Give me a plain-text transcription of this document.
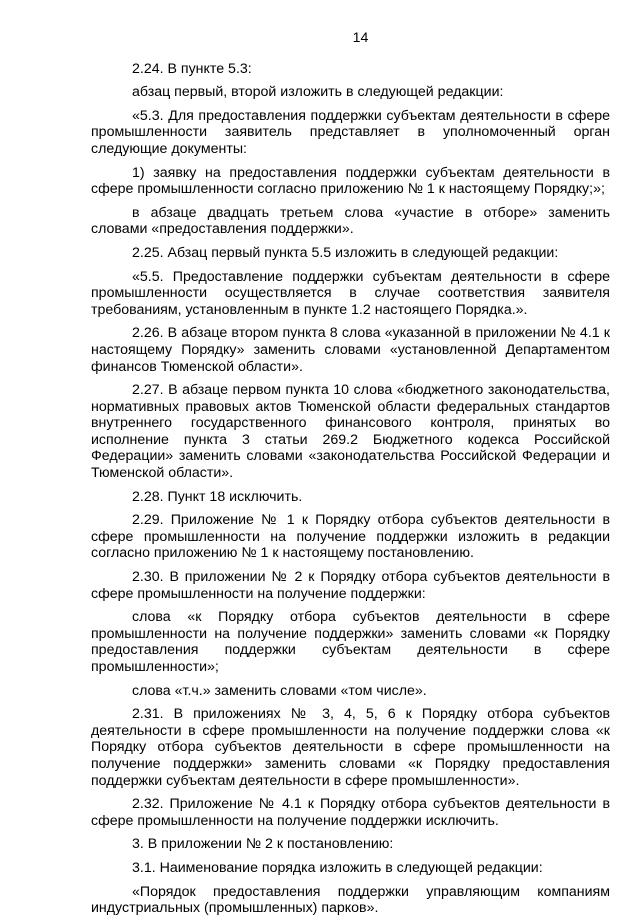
14

2.24. В пункте 5.3:

абзац первый, второй изложить в следующей редакции:

«5.3. Для предоставления поддержки субъектам деятельности в сфере промышленности заявитель представляет в уполномоченный орган следующие документы:

1) заявку на предоставления поддержки субъектам деятельности в сфере промышленности согласно приложению № 1 к настоящему Порядку;»;

в абзаце двадцать третьем слова «участие в отборе» заменить словами «предоставления поддержки».

2.25. Абзац первый пункта 5.5 изложить в следующей редакции:

«5.5. Предоставление поддержки субъектам деятельности в сфере промышленности осуществляется в случае соответствия заявителя требованиям, установленным в пункте 1.2 настоящего Порядка.».

2.26. В абзаце втором пункта 8 слова «указанной в приложении № 4.1 к настоящему Порядку» заменить словами «установленной Департаментом финансов Тюменской области».

2.27. В абзаце первом пункта 10 слова «бюджетного законодательства, нормативных правовых актов Тюменской области федеральных стандартов внутреннего государственного финансового контроля, принятых во исполнение пункта 3 статьи 269.2 Бюджетного кодекса Российской Федерации» заменить словами «законодательства Российской Федерации и Тюменской области».

2.28. Пункт 18 исключить.

2.29. Приложение № 1 к Порядку отбора субъектов деятельности в сфере промышленности на получение поддержки изложить в редакции согласно приложению № 1 к настоящему постановлению.

2.30. В приложении № 2 к Порядку отбора субъектов деятельности в сфере промышленности на получение поддержки:

слова «к Порядку отбора субъектов деятельности в сфере промышленности на получение поддержки» заменить словами «к Порядку предоставления поддержки субъектам деятельности в сфере промышленности»;

слова «т.ч.» заменить словами «том числе».

2.31. В приложениях № 3, 4, 5, 6 к Порядку отбора субъектов деятельности в сфере промышленности на получение поддержки слова «к Порядку отбора субъектов деятельности в сфере промышленности на получение поддержки» заменить словами «к Порядку предоставления поддержки субъектам деятельности в сфере промышленности».

2.32. Приложение № 4.1 к Порядку отбора субъектов деятельности в сфере промышленности на получение поддержки исключить.

3. В приложении № 2 к постановлению:

3.1. Наименование порядка изложить в следующей редакции:

«Порядок предоставления поддержки управляющим компаниям индустриальных (промышленных) парков».
